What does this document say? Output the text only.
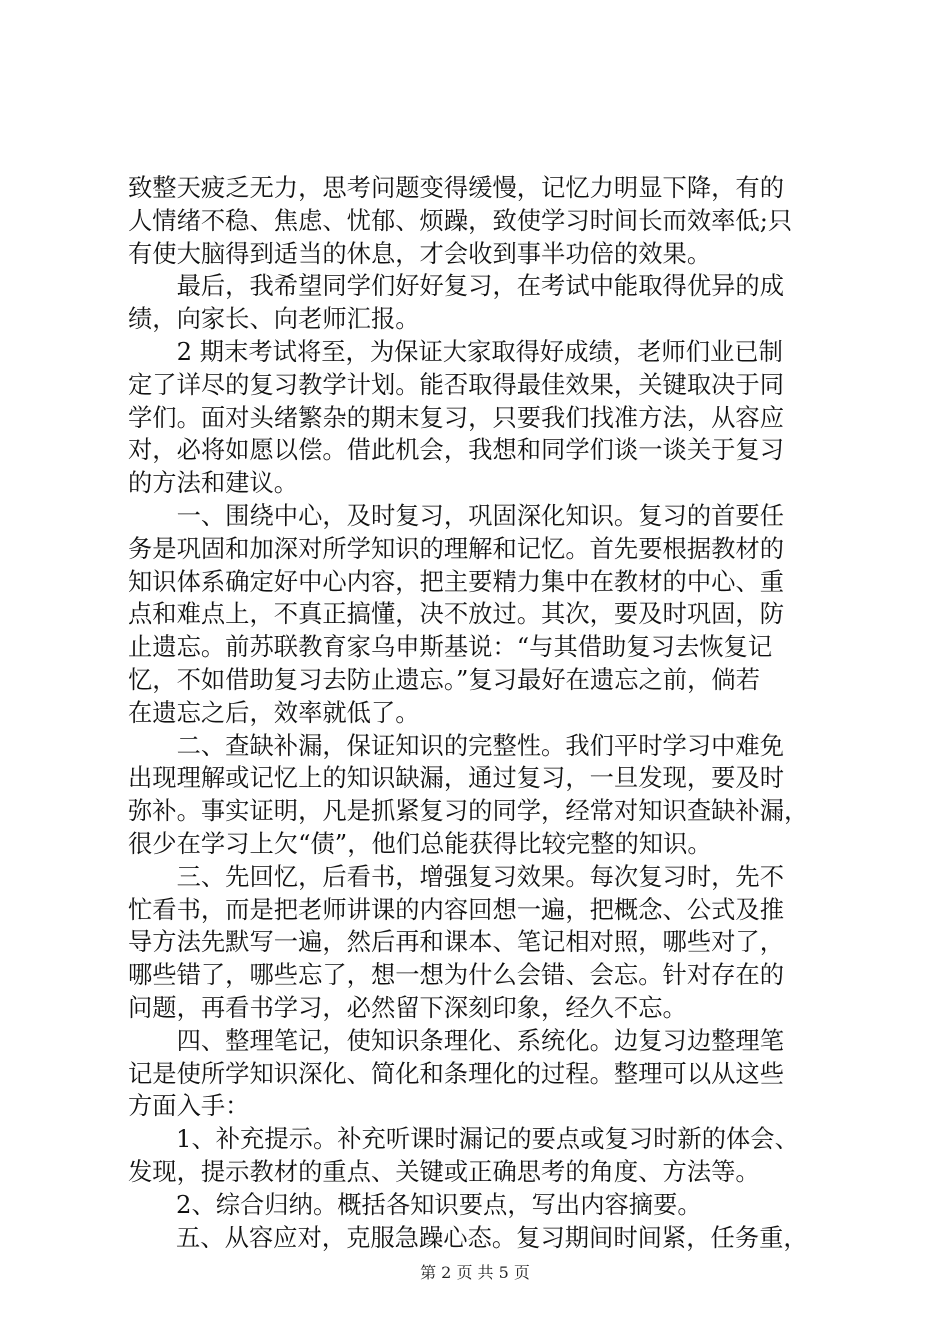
致整天疲乏无力，思考问题变得缓慢，记忆力明显下降，有的
人情绪不稳、焦虑、忧郁、烦躁，致使学习时间长而效率低;只
有使大脑得到适当的休息，才会收到事半功倍的效果。
最后，我希望同学们好好复习，在考试中能取得优异的成
绩，向家长、向老师汇报。
2 期末考试将至，为保证大家取得好成绩，老师们业已制
定了详尽的复习教学计划。能否取得最佳效果，关键取决于同
学们。面对头绪繁杂的期末复习，只要我们找准方法，从容应
对，必将如愿以偿。借此机会，我想和同学们谈一谈关于复习
的方法和建议。
一、围绕中心，及时复习，巩固深化知识。复习的首要任
务是巩固和加深对所学知识的理解和记忆。首先要根据教材的
知识体系确定好中心内容，把主要精力集中在教材的中心、重
点和难点上，不真正搞懂，决不放过。其次，要及时巩固，防
止遗忘。前苏联教育家乌申斯基说：“与其借助复习去恢复记
忆，不如借助复习去防止遗忘。”复习最好在遗忘之前，倘若
在遗忘之后，效率就低了。
二、查缺补漏，保证知识的完整性。我们平时学习中难免
出现理解或记忆上的知识缺漏，通过复习，一旦发现，要及时
弥补。事实证明，凡是抓紧复习的同学，经常对知识查缺补漏，
很少在学习上欠“债”，他们总能获得比较完整的知识。
三、先回忆，后看书，增强复习效果。每次复习时，先不
忙看书，而是把老师讲课的内容回想一遍，把概念、公式及推
导方法先默写一遍，然后再和课本、笔记相对照，哪些对了，
哪些错了，哪些忘了，想一想为什么会错、会忘。针对存在的
问题，再看书学习，必然留下深刻印象，经久不忘。
四、整理笔记，使知识条理化、系统化。边复习边整理笔
记是使所学知识深化、简化和条理化的过程。整理可以从这些
方面入手：
1、补充提示。补充听课时漏记的要点或复习时新的体会、
发现，提示教材的重点、关键或正确思考的角度、方法等。
2、综合归纳。概括各知识要点，写出内容摘要。
五、从容应对，克服急躁心态。复习期间时间紧，任务重，
第 2 页 共 5 页
